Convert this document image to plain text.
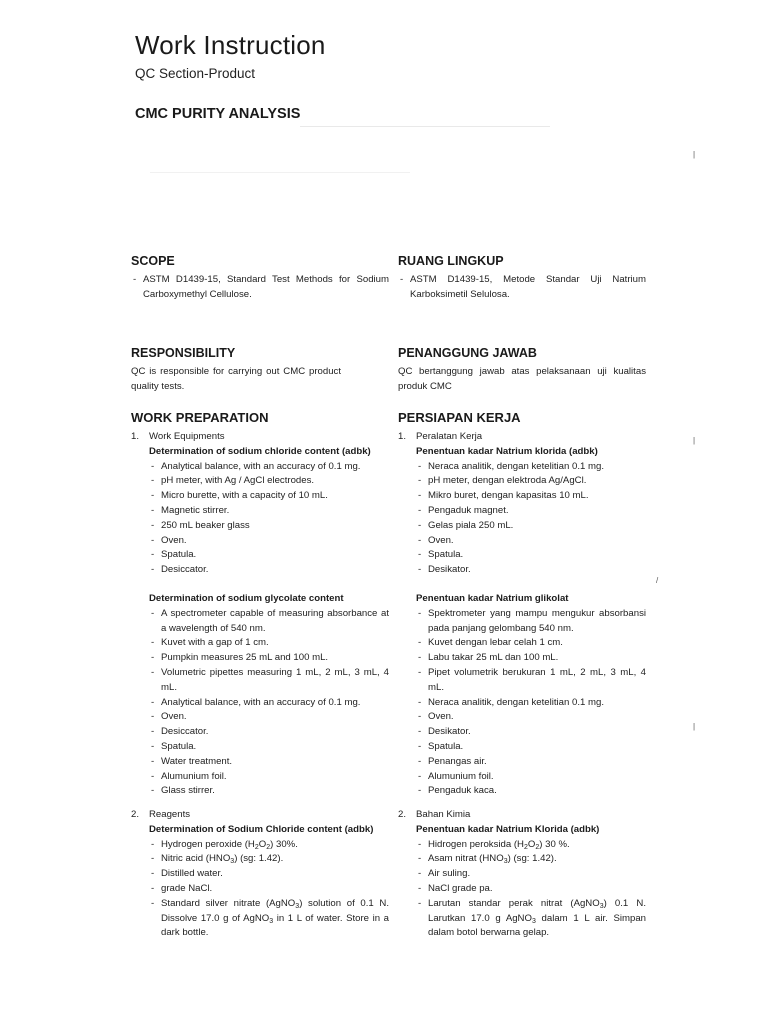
Work Instruction
QC Section-Product
CMC PURITY ANALYSIS
|
|
|
/
SCOPE
- ASTM D1439-15, Standard Test Methods for Sodium Carboxymethyl Cellulose.
RESPONSIBILITY
QC is responsible for carrying out CMC product quality tests.
WORK PREPARATION
1. Work Equipments
Determination of sodium chloride content (adbk)
- Analytical balance, with an accuracy of 0.1 mg.
- pH meter, with Ag / AgCl electrodes.
- Micro burette, with a capacity of 10 mL.
- Magnetic stirrer.
- 250 mL beaker glass
- Oven.
- Spatula.
- Desiccator.
Determination of sodium glycolate content
- A spectrometer capable of measuring absorbance at a wavelength of 540 nm.
- Kuvet with a gap of 1 cm.
- Pumpkin measures 25 mL and 100 mL.
- Volumetric pipettes measuring 1 mL, 2 mL, 3 mL, 4 mL.
- Analytical balance, with an accuracy of 0.1 mg.
- Oven.
- Desiccator.
- Spatula.
- Water treatment.
- Alumunium foil.
- Glass stirrer.
2. Reagents
Determination of Sodium Chloride content (adbk)
- Hydrogen peroxide $(H_2O_2)$ 30%.
- Nitric acid $(HNO_3)$ (sg: 1.42).
- Distilled water.
- grade NaCl.
- Standard silver nitrate (AgNO$_3$) solution of 0.1 N. Dissolve 17.0 g of AgNO$_3$ in 1 L of water. Store in a dark bottle.
RUANG LINGKUP
- ASTM D1439-15, Metode Standar Uji Natrium Karboksimetil Selulosa.
PENANGGUNG JAWAB
QC bertanggung jawab atas pelaksanaan uji kualitas produk CMC
PERSIAPAN KERJA
1. Peralatan Kerja
Penentuan kadar Natrium klorida (adbk)
- Neraca analitik, dengan ketelitian 0.1 mg.
- pH meter, dengan elektroda Ag/AgCl.
- Mikro buret, dengan kapasitas 10 mL.
- Pengaduk magnet.
- Gelas piala 250 mL.
- Oven.
- Spatula.
- Desikator.
Penentuan kadar Natrium glikolat
- Spektrometer yang mampu mengukur absorbansi pada panjang gelombang 540 nm.
- Kuvet dengan lebar celah 1 cm.
- Labu takar 25 mL dan 100 mL.
- Pipet volumetrik berukuran 1 mL, 2 mL, 3 mL, 4 mL.
- Neraca analitik, dengan ketelitian 0.1 mg.
- Oven.
- Desikator.
- Spatula.
- Penangas air.
- Alumunium foil.
- Pengaduk kaca.
2. Bahan Kimia
Penentuan kadar Natrium Klorida (adbk)
- Hidrogen peroksida $(H_2O_2)$ 30 %.
- Asam nitrat $(HNO_3)$ (sg: 1.42).
- Air suling.
- NaCl grade pa.
- Larutan standar perak nitrat (AgNO$_3$) 0.1 N. Larutkan 17.0 g AgNO$_3$ dalam 1 L air. Simpan dalam botol berwarna gelap.
